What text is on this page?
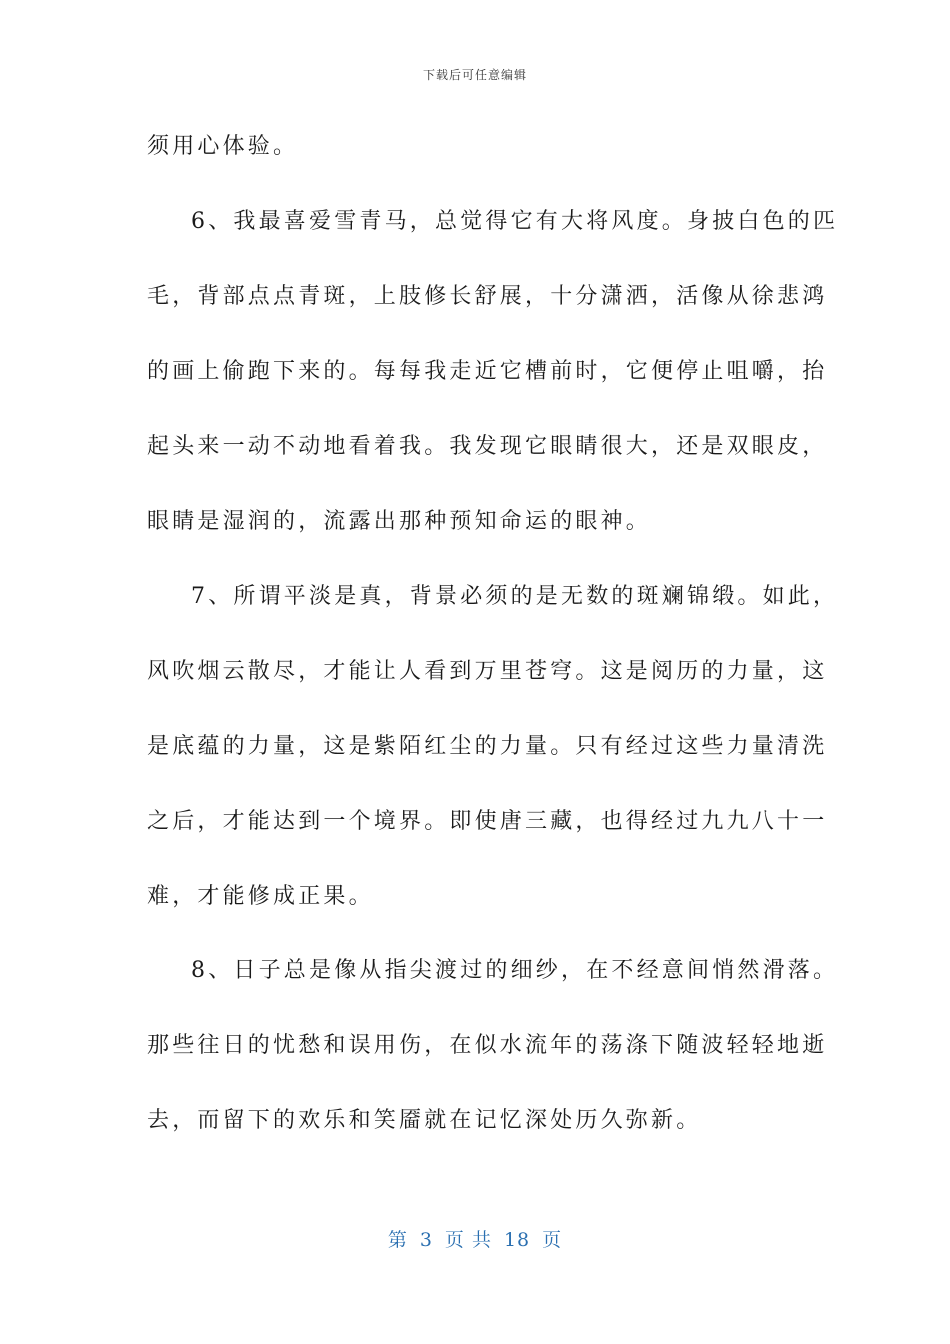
下载后可任意编辑
须用心体验。
6、我最喜爱雪青马，总觉得它有大将风度。身披白色的匹
毛，背部点点青斑，上肢修长舒展，十分潇洒，活像从徐悲鸿
的画上偷跑下来的。每每我走近它槽前时，它便停止咀嚼，抬
起头来一动不动地看着我。我发现它眼睛很大，还是双眼皮，
眼睛是湿润的，流露出那种预知命运的眼神。
7、所谓平淡是真，背景必须的是无数的斑斓锦缎。如此，
风吹烟云散尽，才能让人看到万里苍穹。这是阅历的力量，这
是底蕴的力量，这是紫陌红尘的力量。只有经过这些力量清洗
之后，才能达到一个境界。即使唐三藏，也得经过九九八十一
难，才能修成正果。
8、日子总是像从指尖渡过的细纱，在不经意间悄然滑落。
那些往日的忧愁和误用伤，在似水流年的荡涤下随波轻轻地逝
去，而留下的欢乐和笑靥就在记忆深处历久弥新。
第 3 页 共 18 页
